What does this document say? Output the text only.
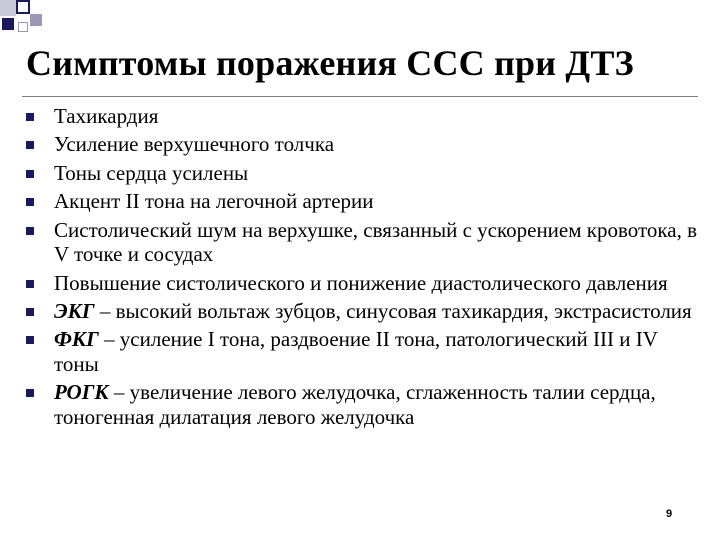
Симптомы поражения ССС при ДТЗ
Тахикардия
Усиление верхушечного толчка
Тоны сердца усилены
Акцент II тона на легочной артерии
Систолический шум на верхушке, связанный с ускорением кровотока, в V точке и сосудах
Повышение систолического и понижение диастолического давления
ЭКГ – высокий вольтаж зубцов, синусовая тахикардия, экстрасистолия
ФКГ – усиление I тона, раздвоение II тона, патологический III и IV тоны
РОГК – увеличение левого желудочка, сглаженность талии сердца, тоногенная дилатация левого желудочка
9
